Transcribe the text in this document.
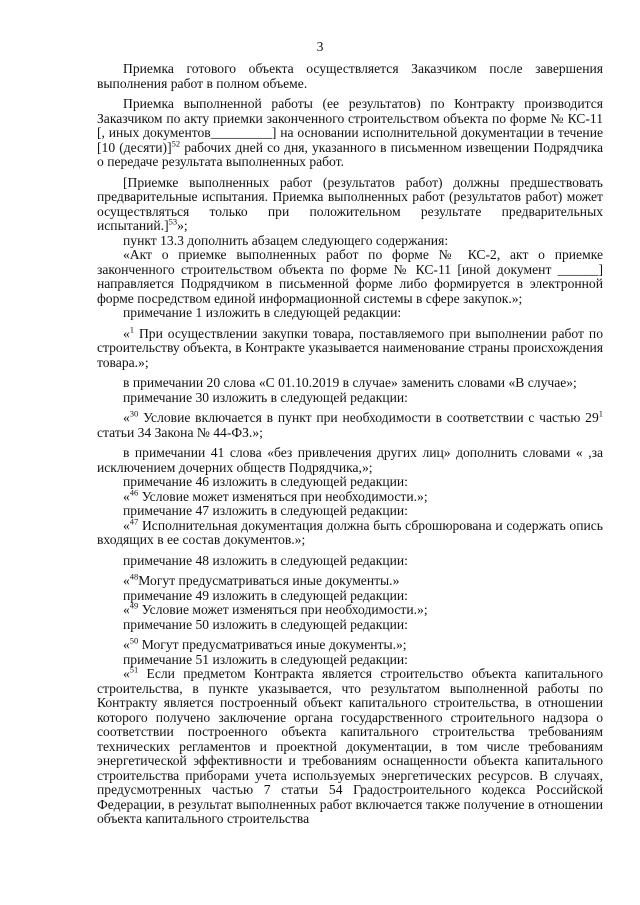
3

Приемка готового объекта осуществляется Заказчиком после завершения выполнения работ в полном объеме.

Приемка выполненной работы (ее результатов) по Контракту производится Заказчиком по акту приемки законченного строительством объекта по форме № КС-11 [, иных документов_________] на основании исполнительной документации в течение [10 (десяти)]$^{52}$ рабочих дней со дня, указанного в письменном извещении Подрядчика о передаче результата выполненных работ.

[Приемке выполненных работ (результатов работ) должны предшествовать предварительные испытания. Приемка выполненных работ (результатов работ) может осуществляться только при положительном результате предварительных испытаний.]$^{53}$»;

пункт 13.3 дополнить абзацем следующего содержания:

«Акт о приемке выполненных работ по форме № КС-2, акт о приемке законченного строительством объекта по форме № КС-11 [иной документ ______] направляется Подрядчиком в письменной форме либо формируется в электронной форме посредством единой информационной системы в сфере закупок.»;

примечание 1 изложить в следующей редакции:

«$^1$ При осуществлении закупки товара, поставляемого при выполнении работ по строительству объекта, в Контракте указывается наименование страны происхождения товара.»;

в примечании 20 слова «С 01.10.2019 в случае» заменить словами «В случае»;

примечание 30 изложить в следующей редакции:

«$^{30}$ Условие включается в пункт при необходимости в соответствии с частью $29^1$ статьи 34 Закона № 44-ФЗ.»;

в примечании 41 слова «без привлечения других лиц» дополнить словами « ,за исключением дочерних обществ Подрядчика,»;

примечание 46 изложить в следующей редакции:

«$^{46}$ Условие может изменяться при необходимости.»;

примечание 47 изложить в следующей редакции:

«$^{47}$ Исполнительная документация должна быть сброшюрована и содержать опись входящих в ее состав документов.»;

примечание 48 изложить в следующей редакции:

«$^{48}$Могут предусматриваться иные документы.»

примечание 49 изложить в следующей редакции:

«$^{49}$ Условие может изменяться при необходимости.»;

примечание 50 изложить в следующей редакции:

«$^{50}$ Могут предусматриваться иные документы.»;

примечание 51 изложить в следующей редакции:

«$^{51}$ Если предметом Контракта является строительство объекта капитального строительства, в пункте указывается, что результатом выполненной работы по Контракту является построенный объект капитального строительства, в отношении которого получено заключение органа государственного строительного надзора о соответствии построенного объекта капитального строительства требованиям технических регламентов и проектной документации, в том числе требованиям энергетической эффективности и требованиям оснащенности объекта капитального строительства приборами учета используемых энергетических ресурсов. В случаях, предусмотренных частью 7 статьи 54 Градостроительного кодекса Российской Федерации, в результат выполненных работ включается также получение в отношении объекта капитального строительства
